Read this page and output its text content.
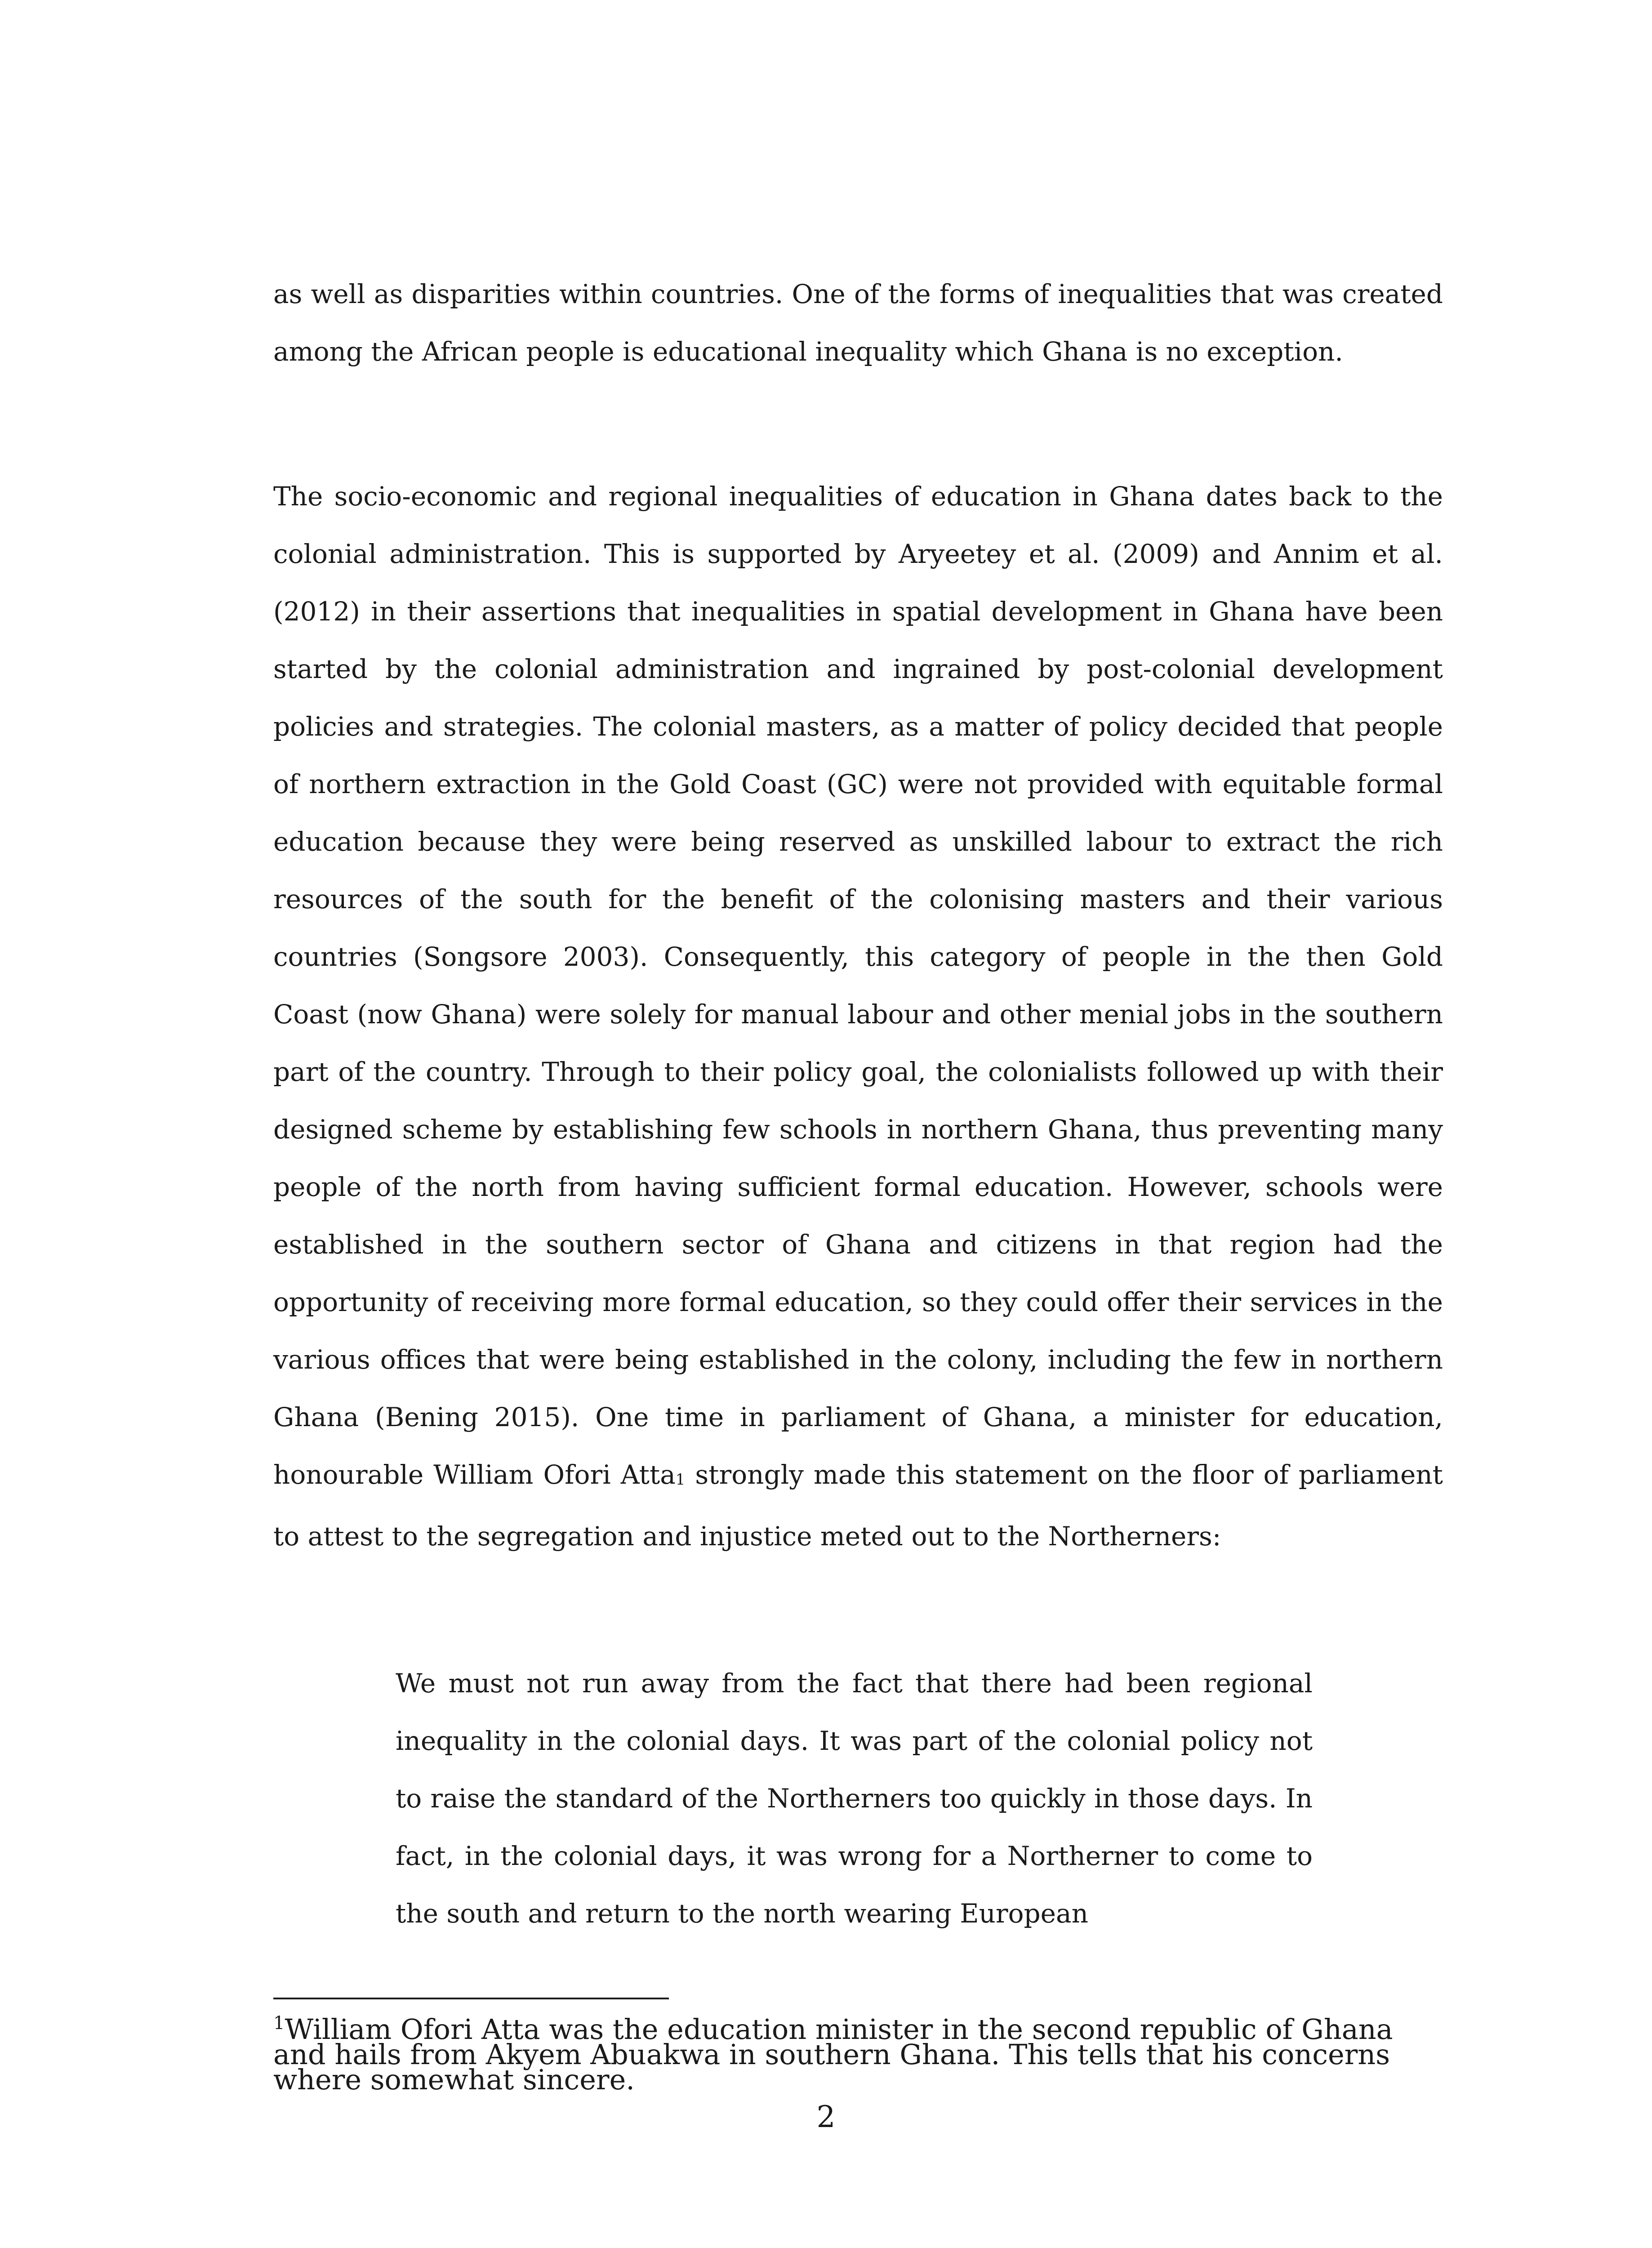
as well as disparities within countries. One of the forms of inequalities that was created among the African people is educational inequality which Ghana is no exception.

The socio-economic and regional inequalities of education in Ghana dates back to the colonial administration. This is supported by Aryeetey et al. (2009) and Annim et al. (2012) in their assertions that inequalities in spatial development in Ghana have been started by the colonial administration and ingrained by post-colonial development policies and strategies. The colonial masters, as a matter of policy decided that people of northern extraction in the Gold Coast (GC) were not provided with equitable formal education because they were being reserved as unskilled labour to extract the rich resources of the south for the benefit of the colonising masters and their various countries (Songsore 2003). Consequently, this category of people in the then Gold Coast (now Ghana) were solely for manual labour and other menial jobs in the southern part of the country. Through to their policy goal, the colonialists followed up with their designed scheme by establishing few schools in northern Ghana, thus preventing many people of the north from having sufficient formal education. However, schools were established in the southern sector of Ghana and citizens in that region had the opportunity of receiving more formal education, so they could offer their services in the various offices that were being established in the colony, including the few in northern Ghana (Bening 2015). One time in parliament of Ghana, a minister for education, honourable William Ofori Atta1 strongly made this statement on the floor of parliament to attest to the segregation and injustice meted out to the Northerners:

We must not run away from the fact that there had been regional inequality in the colonial days. It was part of the colonial policy not to raise the standard of the Northerners too quickly in those days. In fact, in the colonial days, it was wrong for a Northerner to come to the south and return to the north wearing European

$^1$William Ofori Atta was the education minister in the second republic of Ghana and hails from Akyem Abuakwa in southern Ghana. This tells that his concerns where somewhat sincere.

2
